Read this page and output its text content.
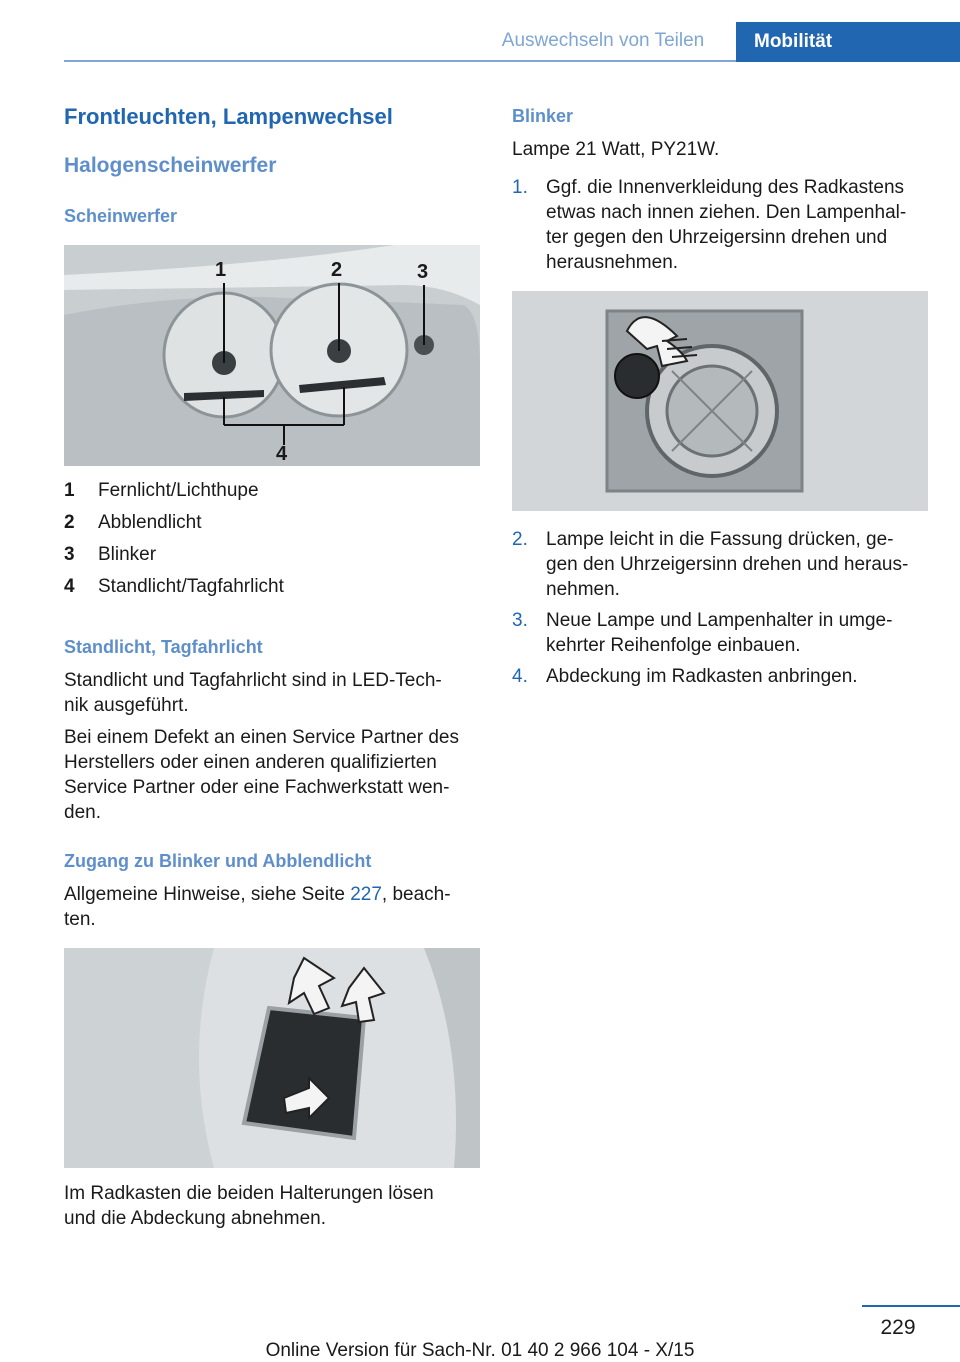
Auswechseln von Teilen	Mobilität

Frontleuchten, Lampenwechsel

Halogenscheinwerfer

Scheinwerfer

1	2	3
4
1 Fernlicht/Lichthupe
2 Abblendlicht
3 Blinker
4 Standlicht/Tagfahrlicht

Standlicht, Tagfahrlicht

Standlicht und Tagfahrlicht sind in LED-Tech‐

nik ausgeführt.

Bei einem Defekt an einen Service Partner des

Herstellers oder einen anderen qualifizierten

Service Partner oder eine Fachwerkstatt wen‐

den.

Zugang zu Blinker und Abblendlicht

Allgemeine Hinweise, siehe Seite 227, beach‐

ten.

Im Radkasten die beiden Halterungen lösen

und die Abdeckung abnehmen.

Blinker

Lampe 21 Watt, PY21W.

1. Ggf. die Innenverkleidung des Radkastens
etwas nach innen ziehen. Den Lampenhal‐
ter gegen den Uhrzeigersinn drehen und
herausnehmen.
2. Lampe leicht in die Fassung drücken, ge‐
gen den Uhrzeigersinn drehen und heraus‐
nehmen.
3. Neue Lampe und Lampenhalter in umge‐
kehrter Reihenfolge einbauen.
4. Abdeckung im Radkasten anbringen.
229
Online Version für Sach-Nr. 01 40 2 966 104 - X/15
